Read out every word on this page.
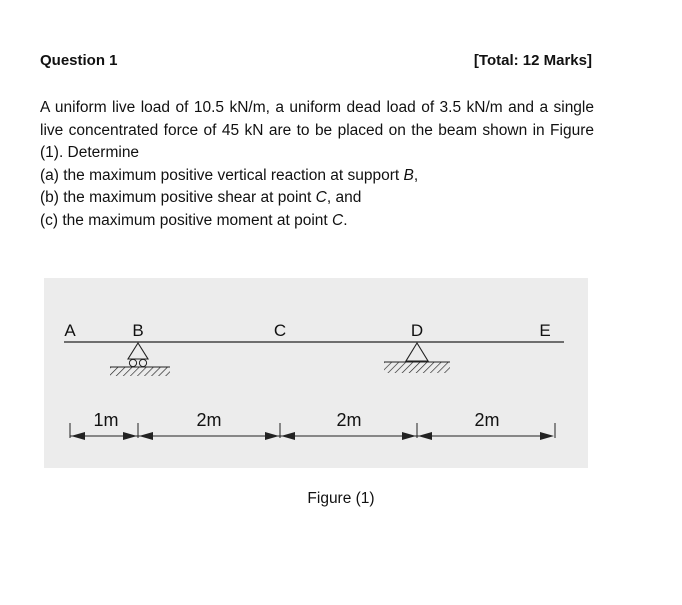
Question 1	[Total: 12 Marks]

A uniform live load of 10.5 kN/m, a uniform dead load of 3.5 kN/m and a single live concentrated force of 45 kN are to be placed on the beam shown in Figure (1). Determine

(a) the maximum positive vertical reaction at support B,
(b) the maximum positive shear at point C, and
(c) the maximum positive moment at point C.
A	B	C	D	E
1m	2m	2m	2m
Figure (1)
